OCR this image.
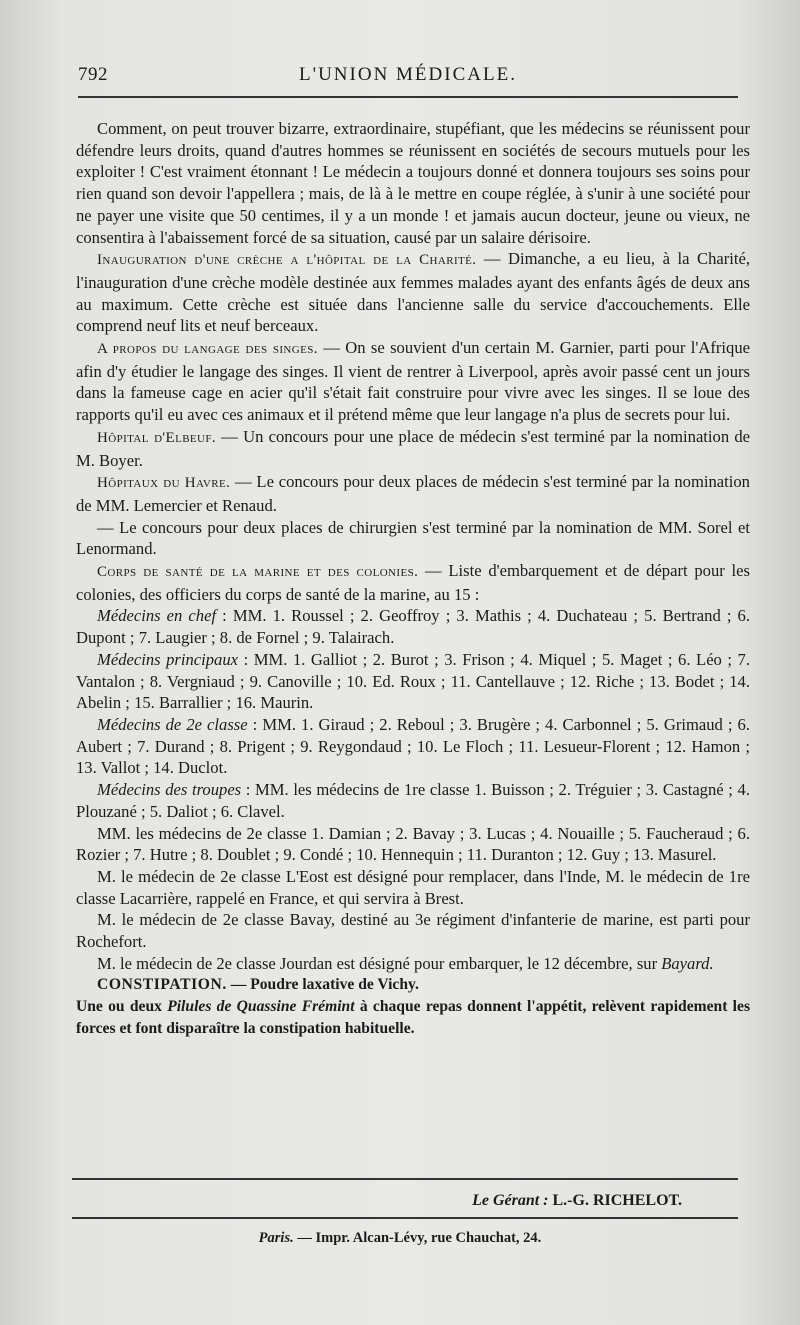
792	L'UNION MÉDICALE.

Comment, on peut trouver bizarre, extraordinaire, stupéfiant, que les médecins se réunissent pour défendre leurs droits, quand d'autres hommes se réunissent en sociétés de secours mutuels pour les exploiter ! C'est vraiment étonnant ! Le médecin a toujours donné et donnera toujours ses soins pour rien quand son devoir l'appellera ; mais, de là à le mettre en coupe réglée, à s'unir à une société pour ne payer une visite que 50 centimes, il y a un monde ! et jamais aucun docteur, jeune ou vieux, ne consentira à l'abaissement forcé de sa situation, causé par un salaire dérisoire.

Inauguration d'une crèche a l'hôpital de la Charité. — Dimanche, a eu lieu, à la Charité, l'inauguration d'une crèche modèle destinée aux femmes malades ayant des enfants âgés de deux ans au maximum. Cette crèche est située dans l'ancienne salle du service d'accouchements. Elle comprend neuf lits et neuf berceaux.

A propos du langage des singes. — On se souvient d'un certain M. Garnier, parti pour l'Afrique afin d'y étudier le langage des singes. Il vient de rentrer à Liverpool, après avoir passé cent un jours dans la fameuse cage en acier qu'il s'était fait construire pour vivre avec les singes. Il se loue des rapports qu'il eu avec ces animaux et il prétend même que leur langage n'a plus de secrets pour lui.

Hôpital d'Elbeuf. — Un concours pour une place de médecin s'est terminé par la nomination de M. Boyer.

Hôpitaux du Havre. — Le concours pour deux places de médecin s'est terminé par la nomination de MM. Lemercier et Renaud.

— Le concours pour deux places de chirurgien s'est terminé par la nomination de MM. Sorel et Lenormand.

Corps de santé de la marine et des colonies. — Liste d'embarquement et de départ pour les colonies, des officiers du corps de santé de la marine, au 15 :

Médecins en chef : MM. 1. Roussel ; 2. Geoffroy ; 3. Mathis ; 4. Duchateau ; 5. Bertrand ; 6. Dupont ; 7. Laugier ; 8. de Fornel ; 9. Talairach.

Médecins principaux : MM. 1. Galliot ; 2. Burot ; 3. Frison ; 4. Miquel ; 5. Maget ; 6. Léo ; 7. Vantalon ; 8. Vergniaud ; 9. Canoville ; 10. Ed. Roux ; 11. Cantellauve ; 12. Riche ; 13. Bodet ; 14. Abelin ; 15. Barrallier ; 16. Maurin.

Médecins de 2e classe : MM. 1. Giraud ; 2. Reboul ; 3. Brugère ; 4. Carbonnel ; 5. Grimaud ; 6. Aubert ; 7. Durand ; 8. Prigent ; 9. Reygondaud ; 10. Le Floch ; 11. Lesueur-Florent ; 12. Hamon ; 13. Vallot ; 14. Duclot.

Médecins des troupes : MM. les médecins de 1re classe 1. Buisson ; 2. Tréguier ; 3. Castagné ; 4. Plouzané ; 5. Daliot ; 6. Clavel.

MM. les médecins de 2e classe 1. Damian ; 2. Bavay ; 3. Lucas ; 4. Nouaille ; 5. Faucheraud ; 6. Rozier ; 7. Hutre ; 8. Doublet ; 9. Condé ; 10. Hennequin ; 11. Duranton ; 12. Guy ; 13. Masurel.

M. le médecin de 2e classe L'Eost est désigné pour remplacer, dans l'Inde, M. le médecin de 1re classe Lacarrière, rappelé en France, et qui servira à Brest.

M. le médecin de 2e classe Bavay, destiné au 3e régiment d'infanterie de marine, est parti pour Rochefort.

M. le médecin de 2e classe Jourdan est désigné pour embarquer, le 12 décembre, sur Bayard.

CONSTIPATION. — Poudre laxative de Vichy.

Une ou deux Pilules de Quassine Frémint à chaque repas donnent l'appétit, relèvent rapidement les forces et font disparaître la constipation habituelle.

Le Gérant : L.-G. RICHELOT.
Paris. — Impr. Alcan-Lévy, rue Chauchat, 24.
